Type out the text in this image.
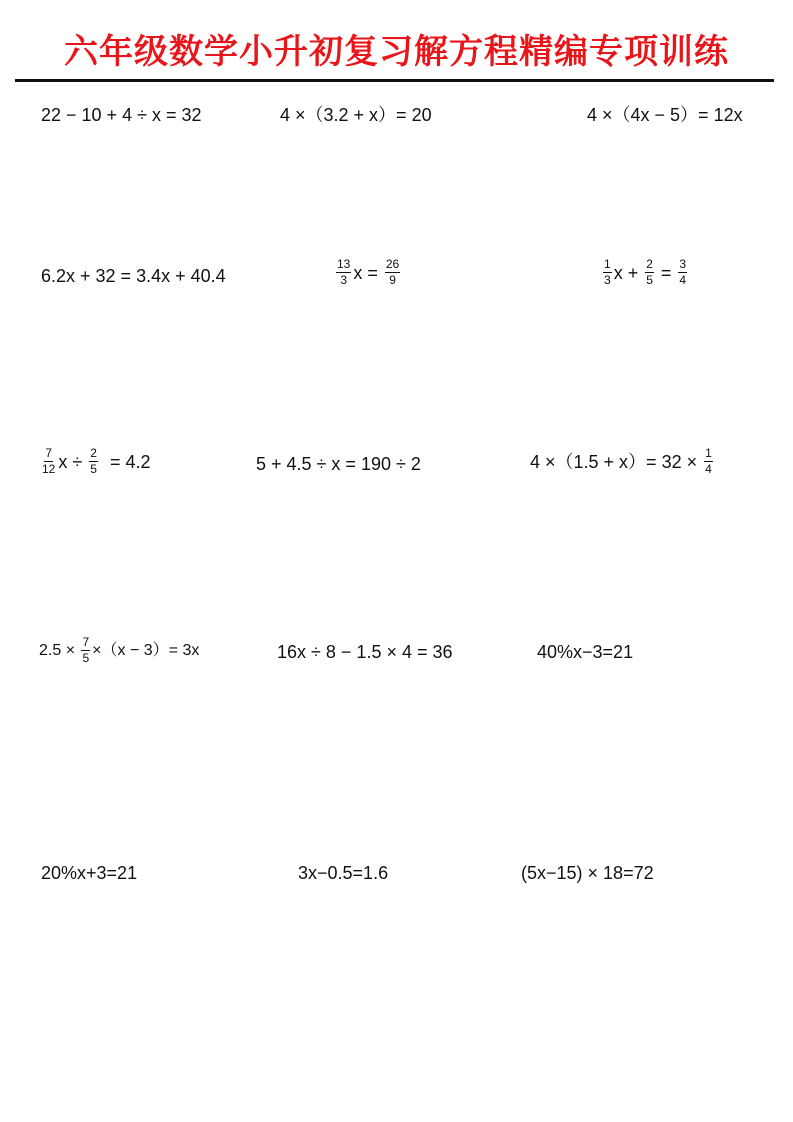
六年级数学小升初复习解方程精编专项训练
22 − 10 + 4 ÷ x = 32	4 ×（3.2 + x）= 20	4 ×（4x − 5）= 12x
6.2x + 32 = 3.4x + 40.4	$\frac{13}{3}$ $x = \frac{26}{9}$	$\frac{1}{3}$ $x + \frac{2}{5} = \frac{3}{4}$
$\frac{7}{12}$ $x \div \frac{2}{5} = 4.2$	5 + 4.5 ÷ x = 190 ÷ 2	$4 \times(1.5 + x)= 32 \times \frac{1}{4}$
$2.5 \times \frac{7}{5} \times(x - 3)= 3x$	16x ÷ 8 − 1.5 × 4 = 36	40%x−3=21
20%x+3=21	3x−0.5=1.6	(5x−15) × 18=72
